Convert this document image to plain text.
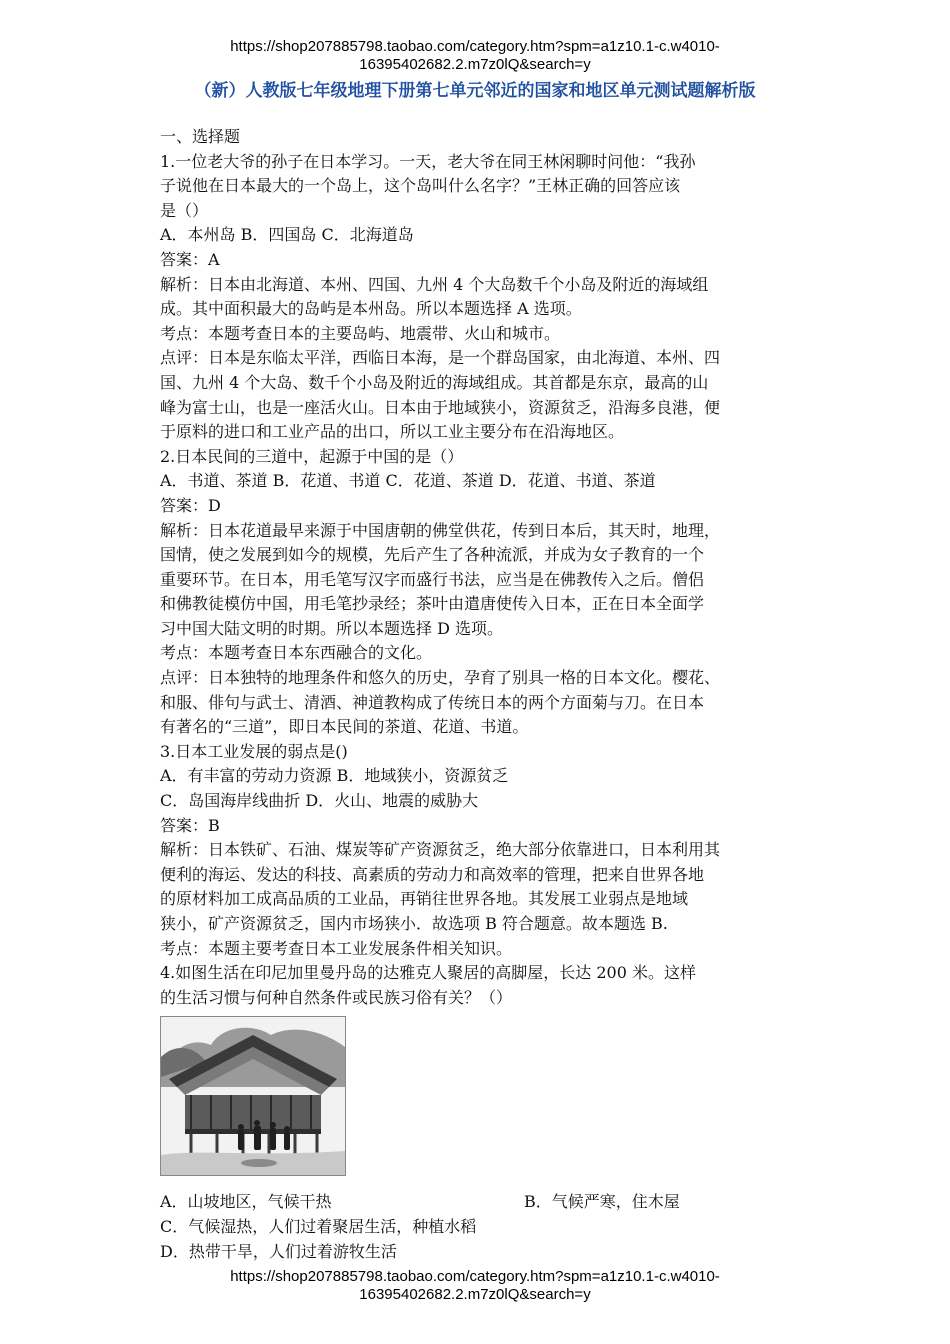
https://shop207885798.taobao.com/category.htm?spm=a1z10.1-c.w4010-
16395402682.2.m7z0lQ&search=y
（新）人教版七年级地理下册第七单元邻近的国家和地区单元测试题解析版

一、选择题

1.一位老大爷的孙子在日本学习。一天，老大爷在同王林闲聊时问他：“我孙

子说他在日本最大的一个岛上，这个岛叫什么名字？”王林正确的回答应该

是（）

A．本州岛 B．四国岛 C．北海道岛

答案：A

解析：日本由北海道、本州、四国、九州 4 个大岛数千个小岛及附近的海域组

成。其中面积最大的岛屿是本州岛。所以本题选择 A 选项。

考点：本题考查日本的主要岛屿、地震带、火山和城市。

点评：日本是东临太平洋，西临日本海，是一个群岛国家，由北海道、本州、四

国、九州 4 个大岛、数千个小岛及附近的海域组成。其首都是东京，最高的山

峰为富士山，也是一座活火山。日本由于地域狭小，资源贫乏，沿海多良港，便

于原料的进口和工业产品的出口，所以工业主要分布在沿海地区。

2.日本民间的三道中，起源于中国的是（）

A．书道、茶道 B．花道、书道 C．花道、茶道 D．花道、书道、茶道

答案：D

解析：日本花道最早来源于中国唐朝的佛堂供花，传到日本后，其天时，地理，

国情，使之发展到如今的规模，先后产生了各种流派，并成为女子教育的一个

重要环节。在日本，用毛笔写汉字而盛行书法，应当是在佛教传入之后。僧侣

和佛教徒模仿中国，用毛笔抄录经；茶叶由遣唐使传入日本，正在日本全面学

习中国大陆文明的时期。所以本题选择 D 选项。

考点：本题考查日本东西融合的文化。

点评：日本独特的地理条件和悠久的历史，孕育了别具一格的日本文化。樱花、

和服、俳句与武士、清酒、神道教构成了传统日本的两个方面菊与刀。在日本

有著名的“三道”，即日本民间的茶道、花道、书道。

3.日本工业发展的弱点是()

A．有丰富的劳动力资源 B．地域狭小，资源贫乏

C．岛国海岸线曲折 D．火山、地震的威胁大

答案：B

解析：日本铁矿、石油、煤炭等矿产资源贫乏，绝大部分依靠进口，日本利用其

便利的海运、发达的科技、高素质的劳动力和高效率的管理，把来自世界各地

的原材料加工成高品质的工业品，再销往世界各地。其发展工业弱点是地域

狭小，矿产资源贫乏，国内市场狭小．故选项 B 符合题意。故本题选 B.

考点：本题主要考查日本工业发展条件相关知识。

4.如图生活在印尼加里曼丹岛的达雅克人聚居的高脚屋，长达 200 米。这样

的生活习惯与何种自然条件或民族习俗有关？（）

A．山坡地区，气候干热	B．气候严寒，住木屋

C．气候湿热，人们过着聚居生活，种植水稻

D．热带干旱，人们过着游牧生活

https://shop207885798.taobao.com/category.htm?spm=a1z10.1-c.w4010-
16395402682.2.m7z0lQ&search=y
